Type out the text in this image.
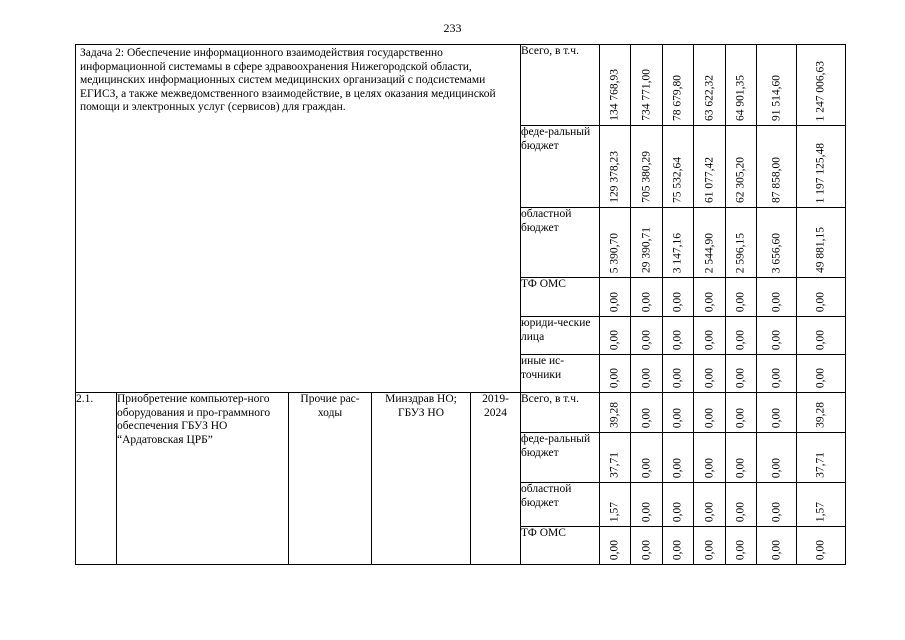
233
Задача 2: Обеспечение информационного взаимодействия государственно информационной системамы в сфере здравоохранения Нижегородской области, медицинских информационных систем медицинских организаций с подсистемами ЕГИСЗ, а также межведомственного взаимодействие, в целях оказания медицинской помощи и электронных услуг (сервисов) для граждан.					Всего, в т.ч.	134 768,93	734 771,00	78 679,80	63 622,32	64 901,35	91 514,60	1 247 006,63

					феде-ральный бюджет	129 378,23	705 380,29	75 532,64	61 077,42	62 305,20	87 858,00	1 197 125,48

					областной бюджет	5 390,70	29 390,71	3 147,16	2 544,90	2 596,15	3 656,60	49 881,15

					ТФ ОМС	0,00	0,00	0,00	0,00	0,00	0,00	0,00

					юриди-ческие лица	0,00	0,00	0,00	0,00	0,00	0,00	0,00

					иные ис-точники	0,00	0,00	0,00	0,00	0,00	0,00	0,00

2.1.	Приобретение компьютер-ного оборудования и про-граммного обеспечения ГБУЗ НО “Ардатовская ЦРБ”	Прочие рас-ходы	Минздрав НО; ГБУЗ НО	2019-2024	Всего, в т.ч.	39,28	0,00	0,00	0,00	0,00	0,00	39,28

					феде-ральный бюджет	37,71	0,00	0,00	0,00	0,00	0,00	37,71

					областной бюджет	1,57	0,00	0,00	0,00	0,00	0,00	1,57

					ТФ ОМС	0,00	0,00	0,00	0,00	0,00	0,00	0,00
